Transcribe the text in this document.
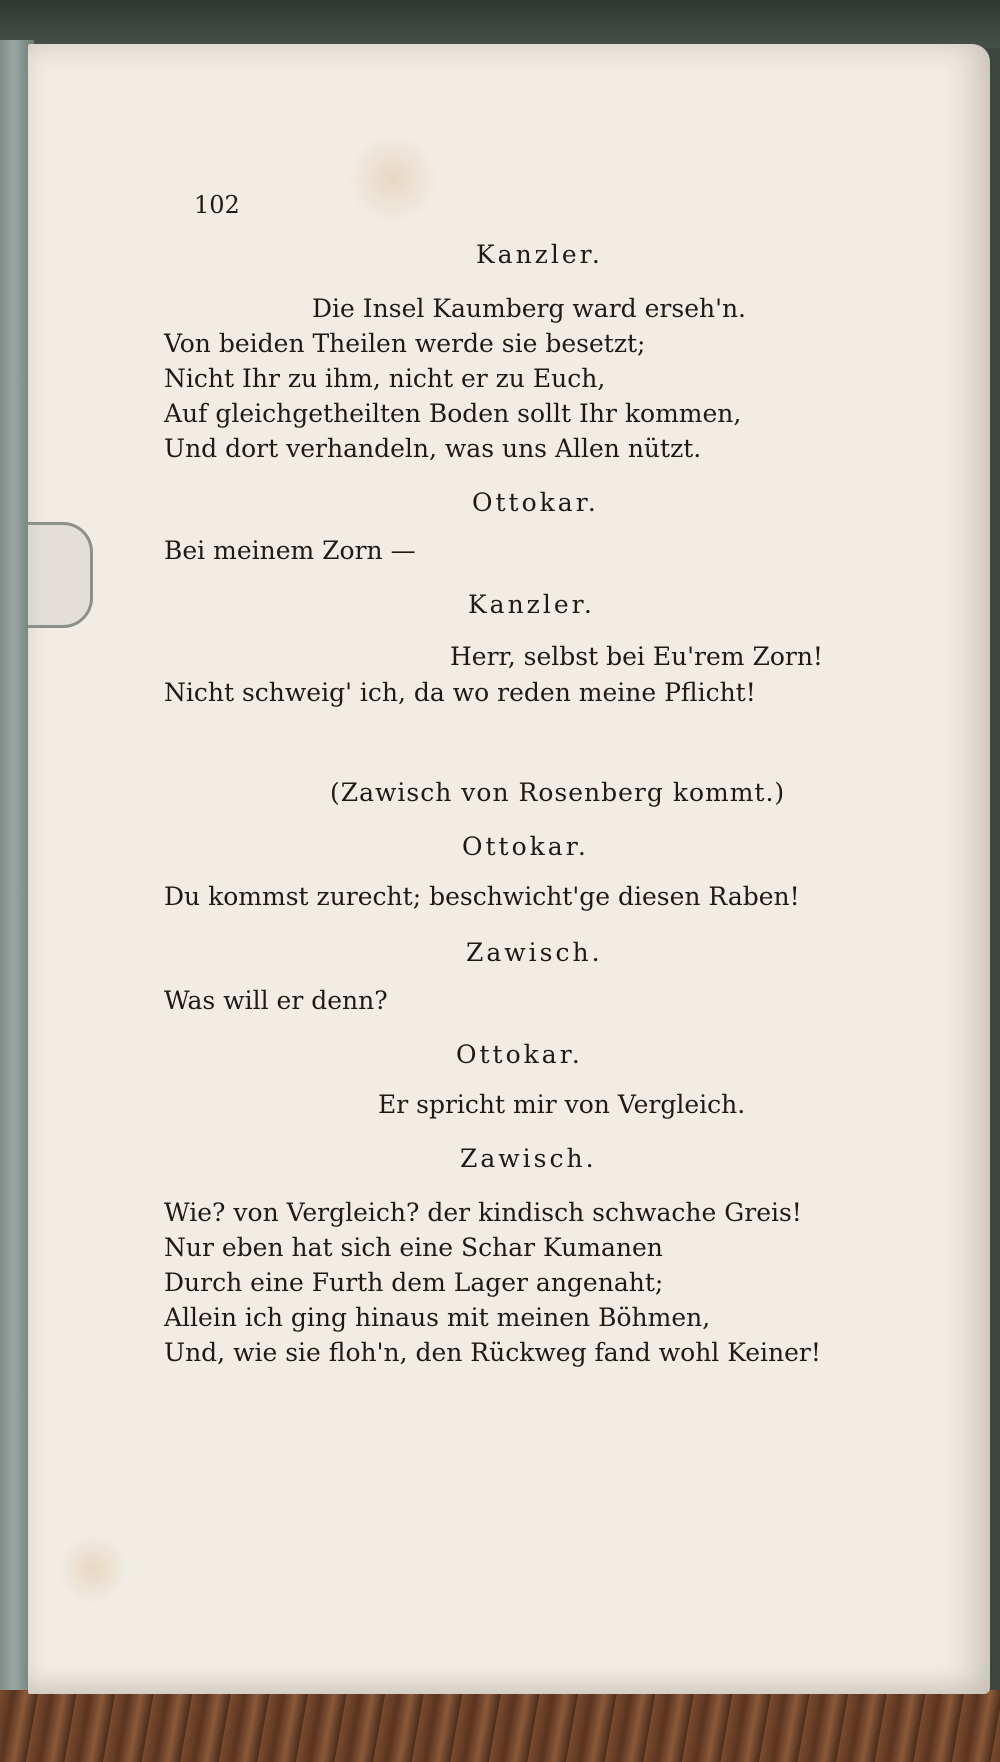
102
Kanzler.
Die Insel Kaumberg ward erseh'n.
Von beiden Theilen werde sie besetzt;
Nicht Ihr zu ihm, nicht er zu Euch,
Auf gleichgetheilten Boden sollt Ihr kommen,
Und dort verhandeln, was uns Allen nützt.
Ottokar.
Bei meinem Zorn —
Kanzler.
Herr, selbst bei Eu'rem Zorn!
Nicht schweig' ich, da wo reden meine Pflicht!
(Zawisch von Rosenberg kommt.)
Ottokar.
Du kommst zurecht; beschwicht'ge diesen Raben!
Zawisch.
Was will er denn?
Ottokar.
Er spricht mir von Vergleich.
Zawisch.
Wie? von Vergleich? der kindisch schwache Greis!
Nur eben hat sich eine Schar Kumanen
Durch eine Furth dem Lager angenaht;
Allein ich ging hinaus mit meinen Böhmen,
Und, wie sie floh'n, den Rückweg fand wohl Keiner!
